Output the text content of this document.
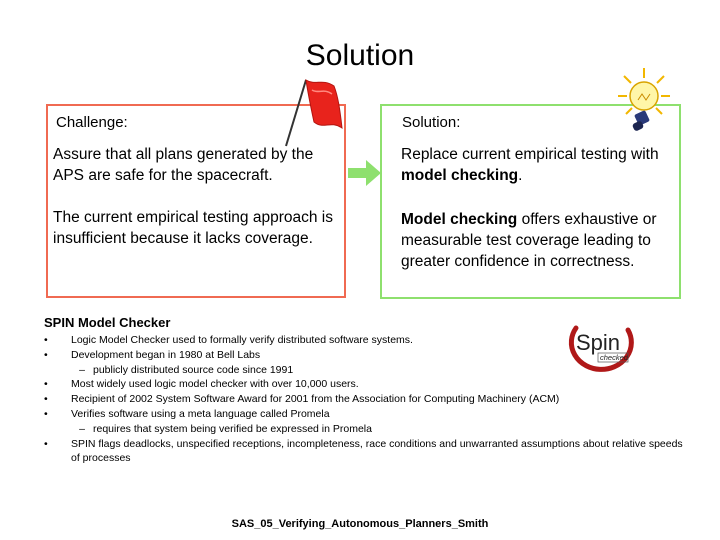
Solution
Challenge:
Assure that all plans generated by the APS are safe for the spacecraft.
The current empirical testing approach is insufficient because it lacks coverage.
Solution:
Replace current empirical testing with model checking.
Model checking offers exhaustive or measurable test coverage leading to greater confidence in correctness.
SPIN Model Checker
• Logic Model Checker used to formally verify distributed software systems.
• Development began in 1980 at Bell Labs
– publicly distributed source code since 1991
• Most widely used logic model checker with over 10,000 users.
• Recipient of 2002 System Software Award for 2001 from the Association for Computing Machinery (ACM)
• Verifies software using a meta language called Promela
– requires that system being verified be expressed in Promela
• SPIN flags deadlocks, unspecified receptions, incompleteness, race conditions and unwarranted assumptions about relative speeds of processes
Spin
checked
SAS_05_Verifying_Autonomous_Planners_Smith
